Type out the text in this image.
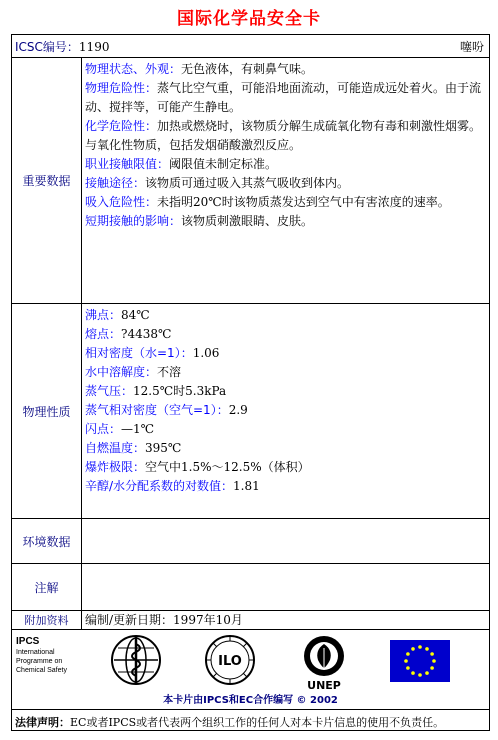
国际化学品安全卡
ICSC编号：1190	噻吩
重要数据
物理状态、外观：无色液体，有刺鼻气味。
物理危险性：蒸气比空气重，可能沿地面流动，可能造成远处着火。由于流动、搅拌等，可能产生静电。
化学危险性：加热或燃烧时，该物质分解生成硫氧化物有毒和刺激性烟雾。 与氧化性物质，包括发烟硝酸激烈反应。
职业接触限值：阈限值未制定标准。
接触途径：该物质可通过吸入其蒸气吸收到体内。
吸入危险性：未指明20℃时该物质蒸发达到空气中有害浓度的速率。
短期接触的影响：该物质刺激眼睛、皮肤。
物理性质
沸点：84℃
熔点：?4438℃
相对密度（水=1）：1.06
水中溶解度：不溶
蒸气压：12.5℃时5.3kPa
蒸气相对密度（空气=1）：2.9
闪点：—1℃
自燃温度：395℃
爆炸极限：空气中1.5%～12.5%（体积）
辛醇/水分配系数的对数值：1.81
环境数据
注解
附加资料	编制/更新日期：1997年10月
IPCS
International
Programme on
Chemical Safety
ILO
UNEP
本卡片由IPCS和EC合作编写 © 2002
法律声明：EC或者IPCS或者代表两个组织工作的任何人对本卡片信息的使用不负责任。
